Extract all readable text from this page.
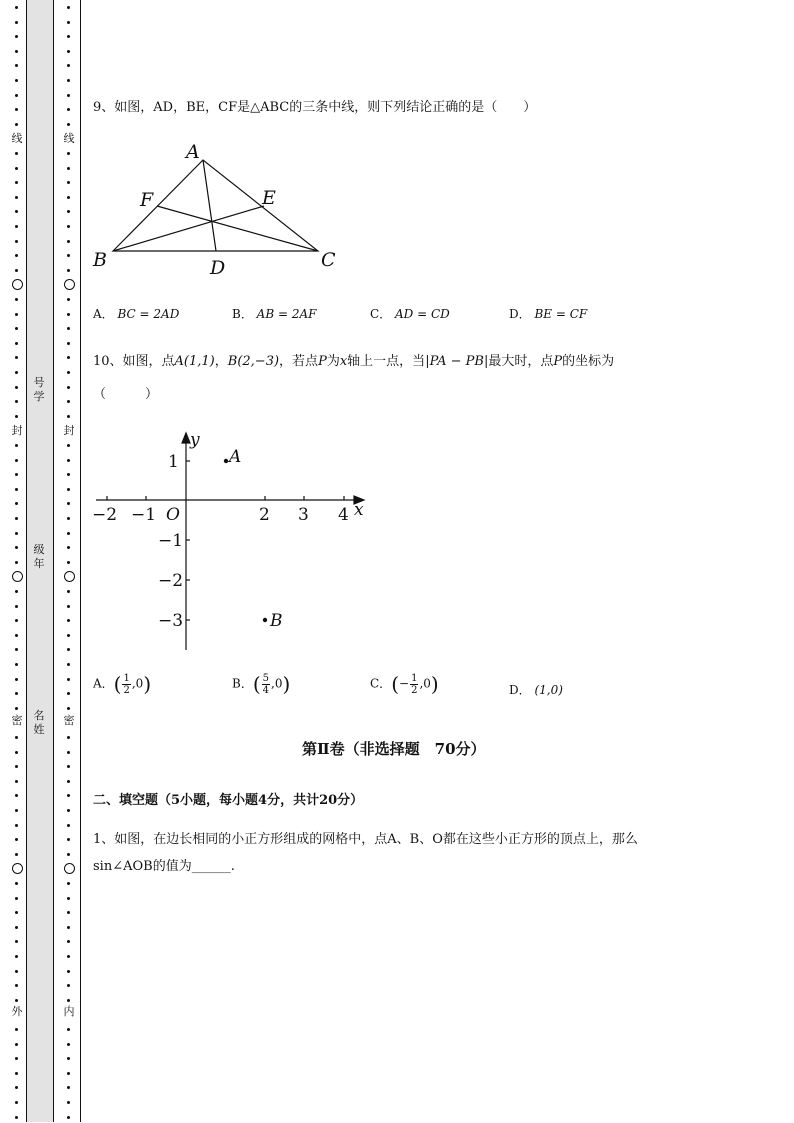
线
封
密
外
线
封
密
内
号学
级年
名姓
9、如图，AD，BE，CF是△ABC的三条中线，则下列结论正确的是（　　）
A
B	C
D
E
F
A． BC = 2AD	B． AB = 2AF	C． AD = CD	D． BE = CF
10、如图，点A(1,1)，B(2,−3)，若点P为x轴上一点，当|PA − PB|最大时，点P的坐标为
（　　　）
x
y
O
−2 −1	2 3 4
1
−1
−2
−3
A
B
A．( $\frac{1}{2} ,0$)	B．( $\frac{5}{4} ,0$)	C．(− $\frac{1}{2} ,0$)	D． (1,0)
第Ⅱ卷（非选择题　70分）
二、填空题（5小题，每小题4分，共计20分）
1、如图，在边长相同的小正方形组成的网格中，点A、B、O都在这些小正方形的顶点上，那么
sin∠AOB的值为______.
